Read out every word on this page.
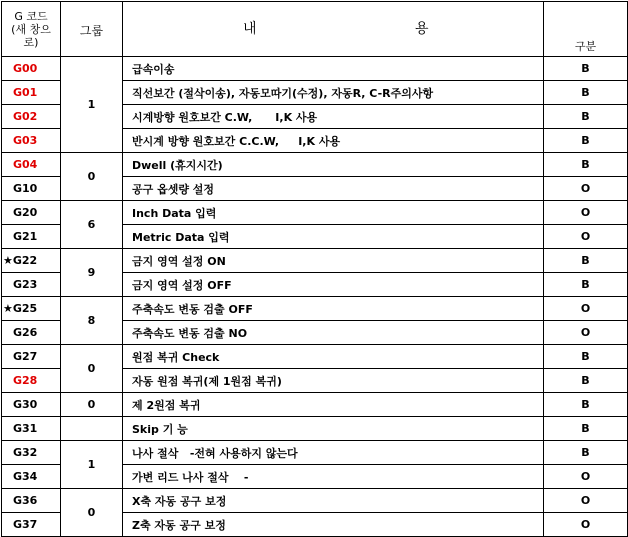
G 코드
(새 창으
로)	그룹	내 용	구분
G00	1	급속이송	B
G01		직선보간 (절삭이송), 자동모따기(수정), 자동R, C-R주의사항	B
G02		시계방향 원호보간 C.W,      I,K 사용	B
G03		반시계 방향 원호보간 C.C.W,     I,K 사용	B
G04	0	Dwell (휴지시간)	B
G10		공구 옵셋량 설정	O
G20	6	Inch Data 입력	O
G21		Metric Data 입력	O
★G22	9	금지 영역 설정 ON	B
G23		금지 영역 설정 OFF	B
★G25	8	주축속도 변동 검출 OFF	O
G26		주축속도 변동 검출 NO	O
G27	0	원점 복귀 Check	B
G28		자동 원점 복귀(제 1원점 복귀)	B
G30	0	제 2원점 복귀	B
G31		Skip 기 능	B
G32	1	나사 절삭   -전혀 사용하지 않는다	B
G34		가변 리드 나사 절삭    -	O
G36	0	X축 자동 공구 보정	O
G37		Z축 자동 공구 보정	O
